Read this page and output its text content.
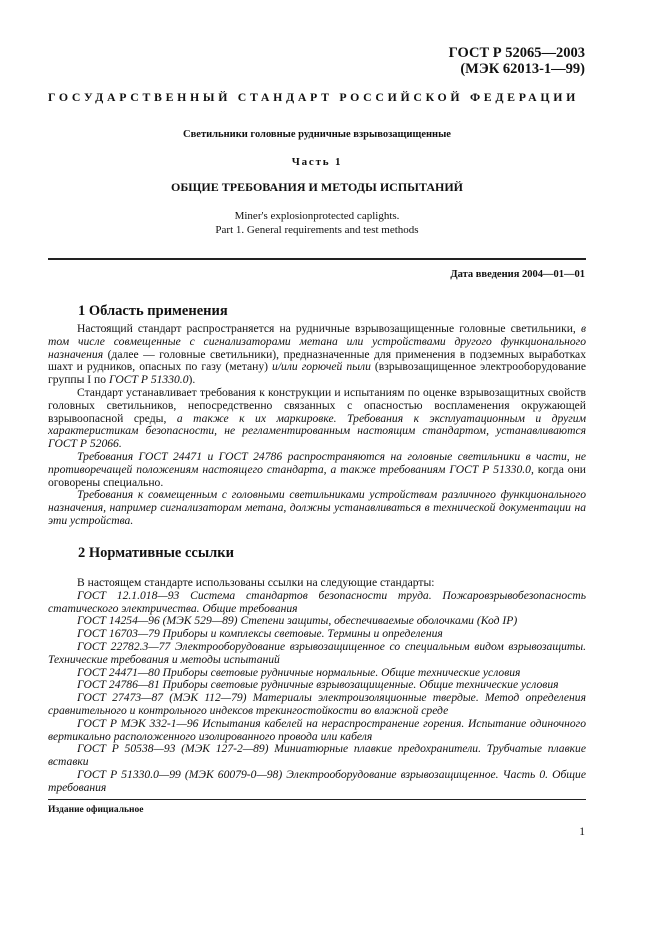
ГОСТ Р 52065—2003
(МЭК 62013-1—99)
ГОСУДАРСТВЕННЫЙ СТАНДАРТ РОССИЙСКОЙ ФЕДЕРАЦИИ
Светильники головные рудничные взрывозащищенные
Часть 1
ОБЩИЕ ТРЕБОВАНИЯ И МЕТОДЫ ИСПЫТАНИЙ
Miner's explosionprotected caplights.
Part 1. General requirements and test methods
Дата введения 2004—01—01
1 Область применения

Настоящий стандарт распространяется на рудничные взрывозащищенные головные светильники, в том числе совмещенные с сигнализаторами метана или устройствами другого функционального назначения (далее — головные светильники), предназначенные для применения в подземных выработках шахт и рудников, опасных по газу (метану) и/или горючей пыли (взрывозащищенное электрооборудование группы I по ГОСТ Р 51330.0).

Стандарт устанавливает требования к конструкции и испытаниям по оценке взрывозащитных свойств головных светильников, непосредственно связанных с опасностью воспламенения окружающей взрывоопасной среды, а также к их маркировке. Требования к эксплуатационным и другим характеристикам безопасности, не регламентированным настоящим стандартом, устанавливаются ГОСТ Р 52066.

Требования ГОСТ 24471 и ГОСТ 24786 распространяются на головные светильники в части, не противоречащей положениям настоящего стандарта, а также требованиям ГОСТ Р 51330.0, когда они оговорены специально.

Требования к совмещенным с головными светильниками устройствам различного функционального назначения, например сигнализаторам метана, должны устанавливаться в технической документации на эти устройства.

2 Нормативные ссылки

В настоящем стандарте использованы ссылки на следующие стандарты:

ГОСТ 12.1.018—93 Система стандартов безопасности труда. Пожаровзрывобезопасность статического электричества. Общие требования

ГОСТ 14254—96 (МЭК 529—89) Степени защиты, обеспечиваемые оболочками (Код IP)

ГОСТ 16703—79 Приборы и комплексы световые. Термины и определения

ГОСТ 22782.3—77 Электрооборудование взрывозащищенное со специальным видом взрывозащиты. Технические требования и методы испытаний

ГОСТ 24471—80 Приборы световые рудничные нормальные. Общие технические условия

ГОСТ 24786—81 Приборы световые рудничные взрывозащищенные. Общие технические условия

ГОСТ 27473—87 (МЭК 112—79) Материалы электроизоляционные твердые. Метод определения сравнительного и контрольного индексов трекингостойкости во влажной среде

ГОСТ Р МЭК 332-1—96 Испытания кабелей на нераспространение горения. Испытание одиночного вертикально расположенного изолированного провода или кабеля

ГОСТ Р 50538—93 (МЭК 127-2—89) Миниатюрные плавкие предохранители. Трубчатые плавкие вставки

ГОСТ Р 51330.0—99 (МЭК 60079-0—98) Электрооборудование взрывозащищенное. Часть 0. Общие требования

Издание официальное
1
